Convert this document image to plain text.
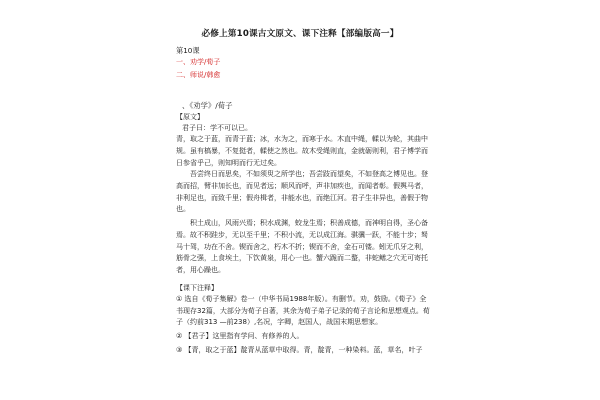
必修上第10课古文原文、课下注释【部编版高一】
第10课
一、劝学/荀子
二、师说/韩愈
、《劝学》/荀子
【原文】
君子曰：学不可以已。
青，取之于蓝，而青于蓝；冰，水为之，而寒于水。木直中绳，輮以为轮，其曲中规。虽有槁暴，不复挺者，輮使之然也。故木受绳则直，金就砺则利，君子博学而日参省乎己，则知明而行无过矣。
　　吾尝终日而思矣，不如须臾之所学也；吾尝跂而望矣，不如登高之博见也。登高而招，臂非加长也，而见者远；顺风而呼，声非加疾也，而闻者彰。假舆马者，非利足也，而致千里；假舟楫者，非能水也，而绝江河。君子生非异也，善假于物也。
　　积土成山，风雨兴焉；积水成渊，蛟龙生焉；积善成德，而神明自得，圣心备焉。故不积跬步，无以至千里；不积小流，无以成江海。骐骥一跃，不能十步；驽马十驾，功在不舍。锲而舍之，朽木不折；锲而不舍，金石可镂。蚓无爪牙之利，筋骨之强，上食埃土，下饮黄泉，用心一也。蟹六跪而二螯，非蛇鳝之穴无可寄托者，用心躁也。
【课下注释】
① 选自《荀子集解》卷一（中华书局1988年版）。有删节。劝，鼓励。《荀子》全书现存32篇，大部分为荀子自著，其余为荀子弟子记录的荀子言论和思想观点。荀子（约前313 —前238）,名况，字卿，赵国人，战国末期思想家。
② 【君子】这里指有学问、有修养的人。
③ 【青，取之于蓝】靛青从蓝草中取得。青，靛青，一种染料。蓝，草名，叶子
